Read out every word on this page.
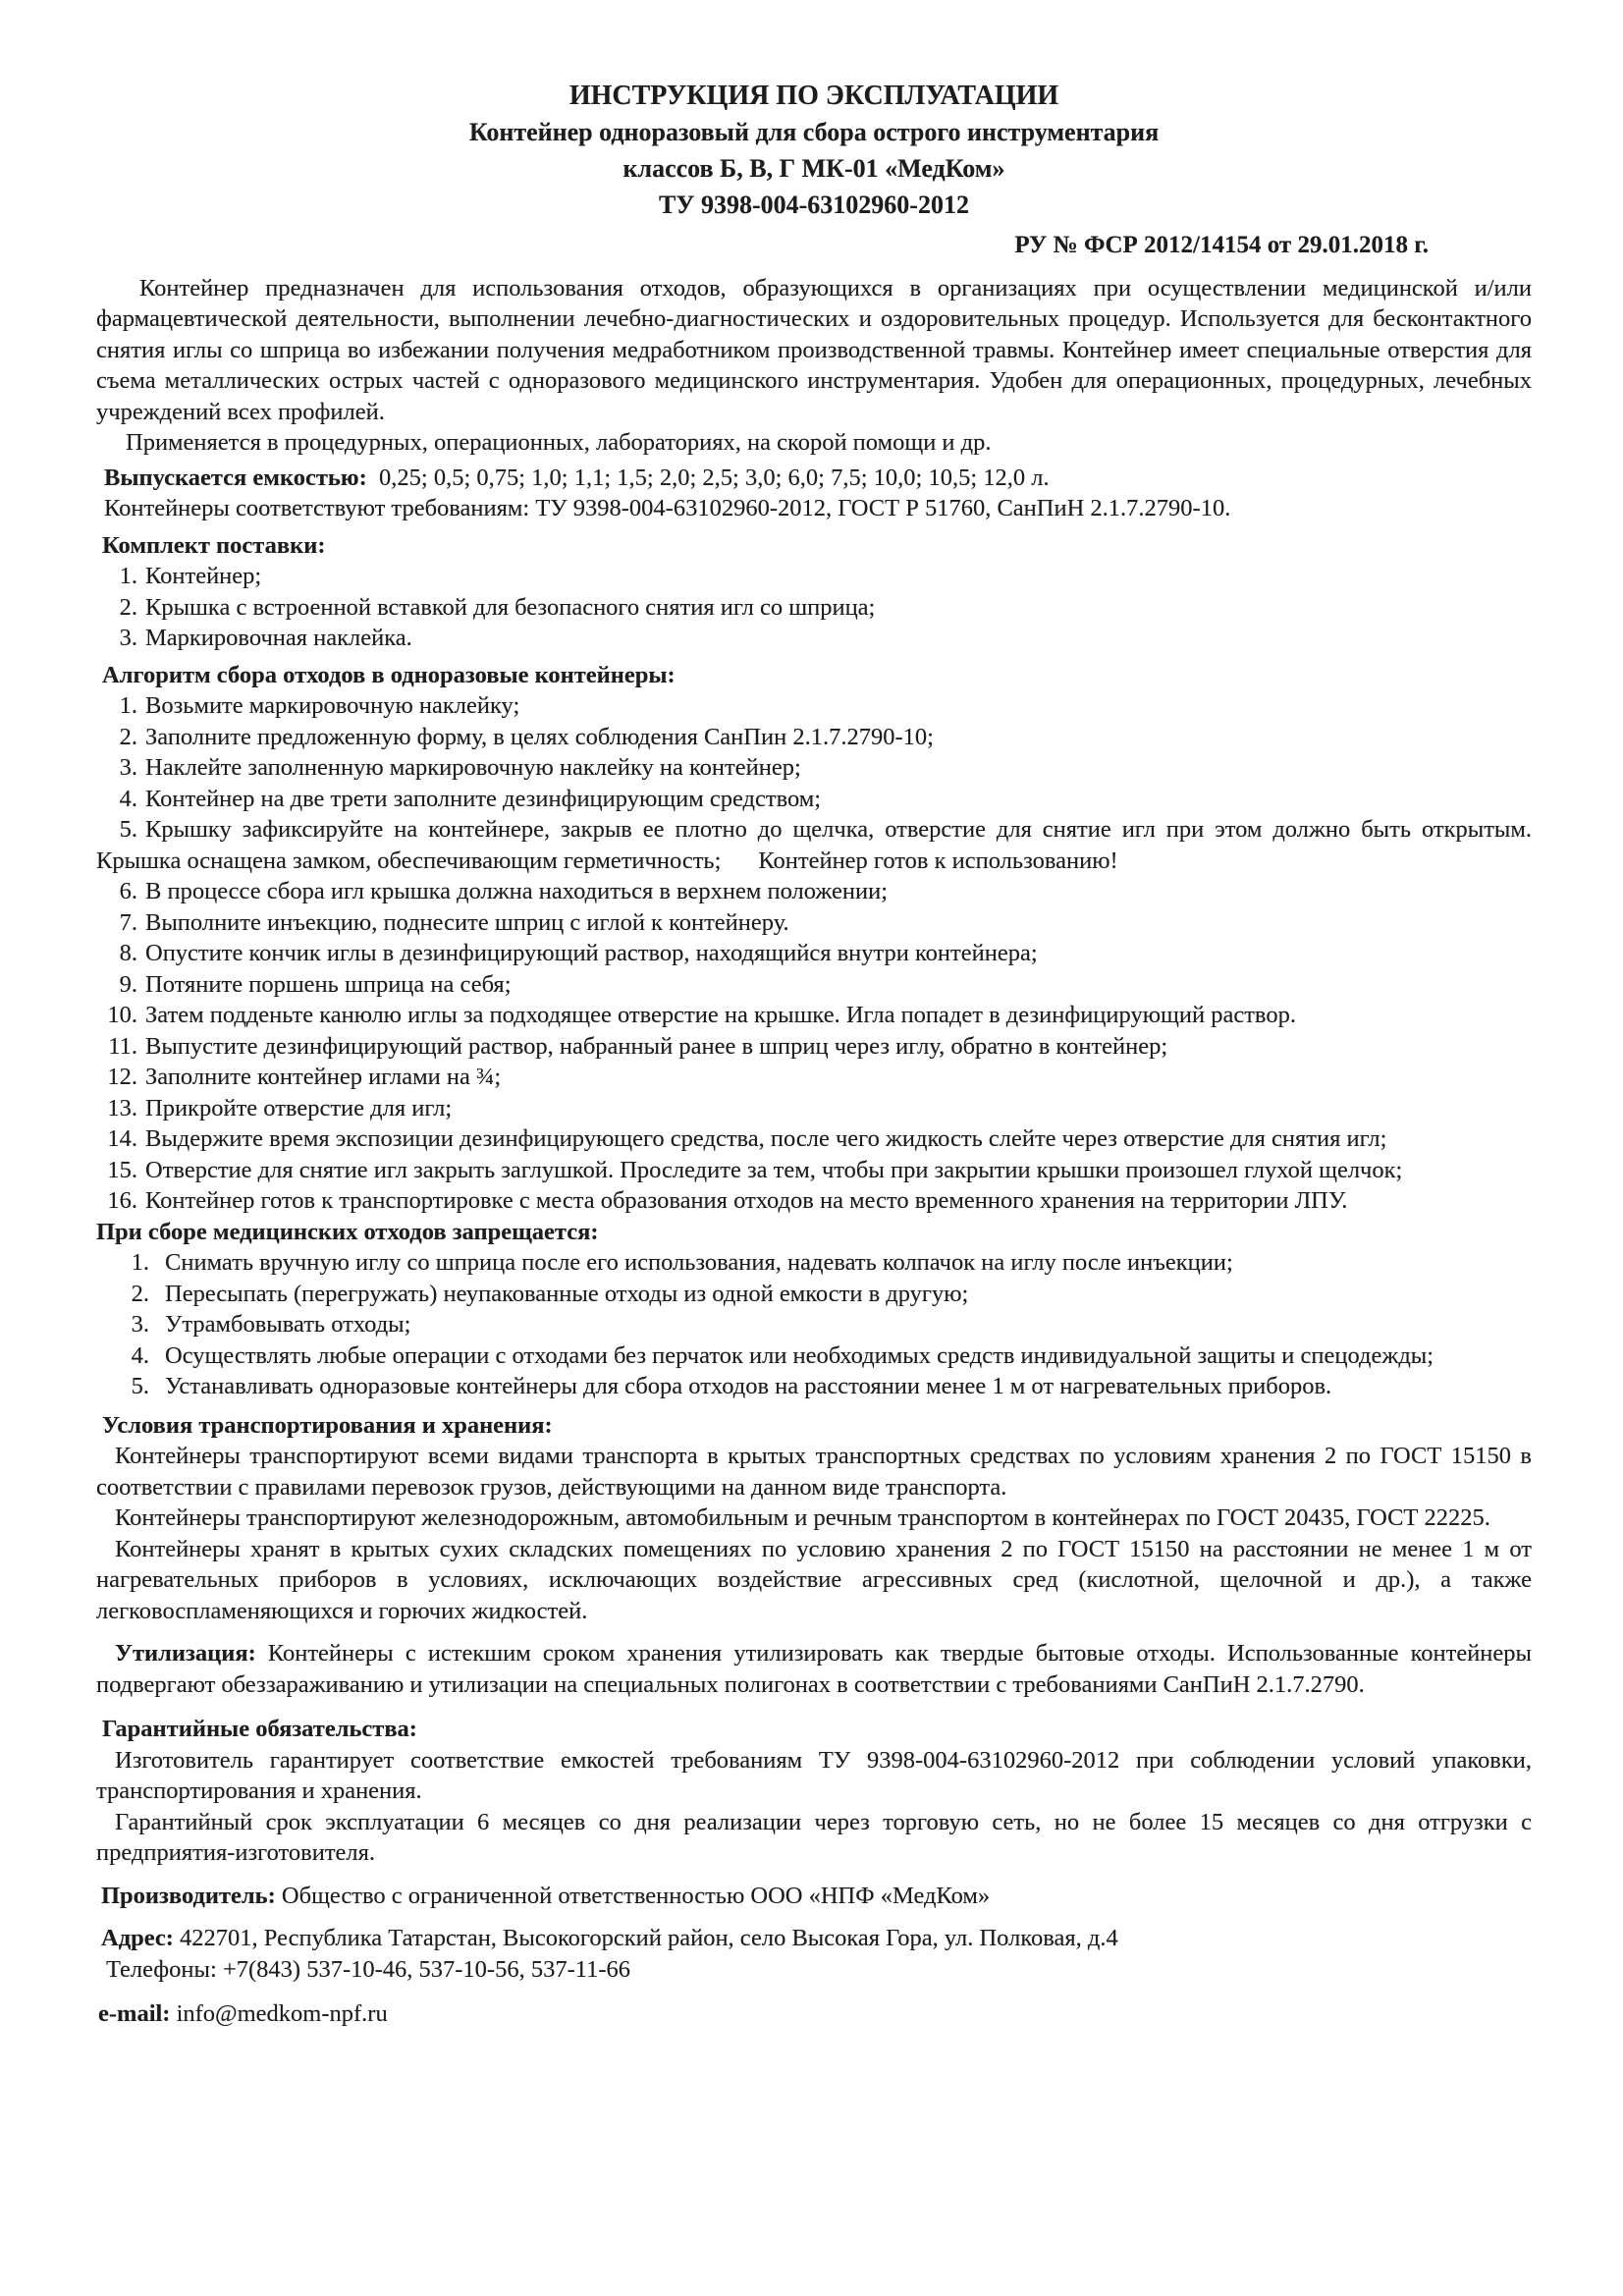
ИНСТРУКЦИЯ ПО ЭКСПЛУАТАЦИИ
Контейнер одноразовый для сбора острого инструментария
классов Б, В, Г МК-01 «МедКом»
ТУ 9398-004-63102960-2012
РУ № ФСР 2012/14154 от 29.01.2018 г.

Контейнер предназначен для использования отходов, образующихся в организациях при осуществлении медицинской и/или фармацевтической деятельности, выполнении лечебно-диагностических и оздоровительных процедур. Используется для бесконтактного снятия иглы со шприца во избежании получения медработником производственной травмы. Контейнер имеет специальные отверстия для съема металлических острых частей с одноразового медицинского инструментария. Удобен для операционных, процедурных, лечебных учреждений всех профилей.

Применяется в процедурных, операционных, лабораториях, на скорой помощи и др.

Выпускается емкостью: 0,25; 0,5; 0,75; 1,0; 1,1; 1,5; 2,0; 2,5; 3,0; 6,0; 7,5; 10,0; 10,5; 12,0 л.

Контейнеры соответствуют требованиям: ТУ 9398-004-63102960-2012, ГОСТ Р 51760, СанПиН 2.1.7.2790-10.

Комплект поставки:

1. Контейнер;
2. Крышка с встроенной вставкой для безопасного снятия игл со шприца;
3. Маркировочная наклейка.

Алгоритм сбора отходов в одноразовые контейнеры:

1. Возьмите маркировочную наклейку;
2. Заполните предложенную форму, в целях соблюдения СанПин 2.1.7.2790-10;
3. Наклейте заполненную маркировочную наклейку на контейнер;
4. Контейнер на две трети заполните дезинфицирующим средством;
5. Крышку зафиксируйте на контейнере, закрыв ее плотно до щелчка, отверстие для снятие игл при этом должно быть открытым. Крышка оснащена замком, обеспечивающим герметичность; Контейнер готов к использованию!
6. В процессе сбора игл крышка должна находиться в верхнем положении;
7. Выполните инъекцию, поднесите шприц с иглой к контейнеру.
8. Опустите кончик иглы в дезинфицирующий раствор, находящийся внутри контейнера;
9. Потяните поршень шприца на себя;
10. Затем подденьте канюлю иглы за подходящее отверстие на крышке. Игла попадет в дезинфицирующий раствор.
11. Выпустите дезинфицирующий раствор, набранный ранее в шприц через иглу, обратно в контейнер;
12. Заполните контейнер иглами на ¾;
13. Прикройте отверстие для игл;
14. Выдержите время экспозиции дезинфицирующего средства, после чего жидкость слейте через отверстие для снятия игл;
15. Отверстие для снятие игл закрыть заглушкой. Проследите за тем, чтобы при закрытии крышки произошел глухой щелчок;
16. Контейнер готов к транспортировке с места образования отходов на место временного хранения на территории ЛПУ.

При сборе медицинских отходов запрещается:

1. Снимать вручную иглу со шприца после его использования, надевать колпачок на иглу после инъекции;
2. Пересыпать (перегружать) неупакованные отходы из одной емкости в другую;
3. Утрамбовывать отходы;
4. Осуществлять любые операции с отходами без перчаток или необходимых средств индивидуальной защиты и спецодежды;
5. Устанавливать одноразовые контейнеры для сбора отходов на расстоянии менее 1 м от нагревательных приборов.

Условия транспортирования и хранения:

Контейнеры транспортируют всеми видами транспорта в крытых транспортных средствах по условиям хранения 2 по ГОСТ 15150 в соответствии с правилами перевозок грузов, действующими на данном виде транспорта.

Контейнеры транспортируют железнодорожным, автомобильным и речным транспортом в контейнерах по ГОСТ 20435, ГОСТ 22225.

Контейнеры хранят в крытых сухих складских помещениях по условию хранения 2 по ГОСТ 15150 на расстоянии не менее 1 м от нагревательных приборов в условиях, исключающих воздействие агрессивных сред (кислотной, щелочной и др.), а также легковоспламеняющихся и горючих жидкостей.

Утилизация: Контейнеры с истекшим сроком хранения утилизировать как твердые бытовые отходы. Использованные контейнеры подвергают обеззараживанию и утилизации на специальных полигонах в соответствии с требованиями СанПиН 2.1.7.2790.

Гарантийные обязательства:

Изготовитель гарантирует соответствие емкостей требованиям ТУ 9398-004-63102960-2012 при соблюдении условий упаковки, транспортирования и хранения.

Гарантийный срок эксплуатации 6 месяцев со дня реализации через торговую сеть, но не более 15 месяцев со дня отгрузки с предприятия-изготовителя.

Производитель: Общество с ограниченной ответственностью ООО «НПФ «МедКом»

Адрес: 422701, Республика Татарстан, Высокогорский район, село Высокая Гора, ул. Полковая, д.4

Телефоны: +7(843) 537-10-46, 537-10-56, 537-11-66

e-mail: info@medkom-npf.ru
